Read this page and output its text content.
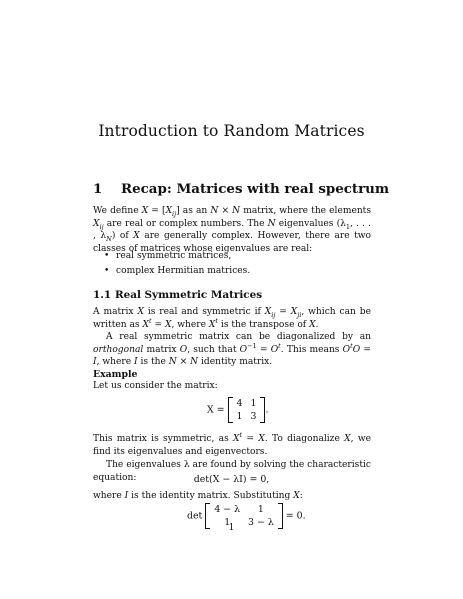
Introduction to Random Matrices
1 Recap: Matrices with real spectrum
We define $X = [X_{ij}]$ as an N × N matrix, where the elements $X_{ij}$ are real or complex numbers. The N eigenvalues ($\lambda_1$, . . . , $\lambda_N$) of X are generally complex. However, there are two classes of matrices whose eigenvalues are real:
• real symmetric matrices,
• complex Hermitian matrices.
1.1 Real Symmetric Matrices
A matrix X is real and symmetric if $X_{ij} = X_{ji}$, which can be written as $X^t = X$, where $X^t$ is the transpose of X.
A real symmetric matrix can be diagonalized by an orthogonal matrix O, such that $O^{-1} = O^t$. This means $O^tO = I$, where I is the N × N identity matrix.
Example
Let us consider the matrix:
X =
4	1
1	3
.
This matrix is symmetric, as $X^t = X$. To diagonalize X, we find its eigenvalues and eigenvectors.
The eigenvalues λ are found by solving the characteristic equation:	det(X − λI) = 0,
where I is the identity matrix. Substituting X:
det
4 − λ	1
1	3 − λ
= 0.
1
